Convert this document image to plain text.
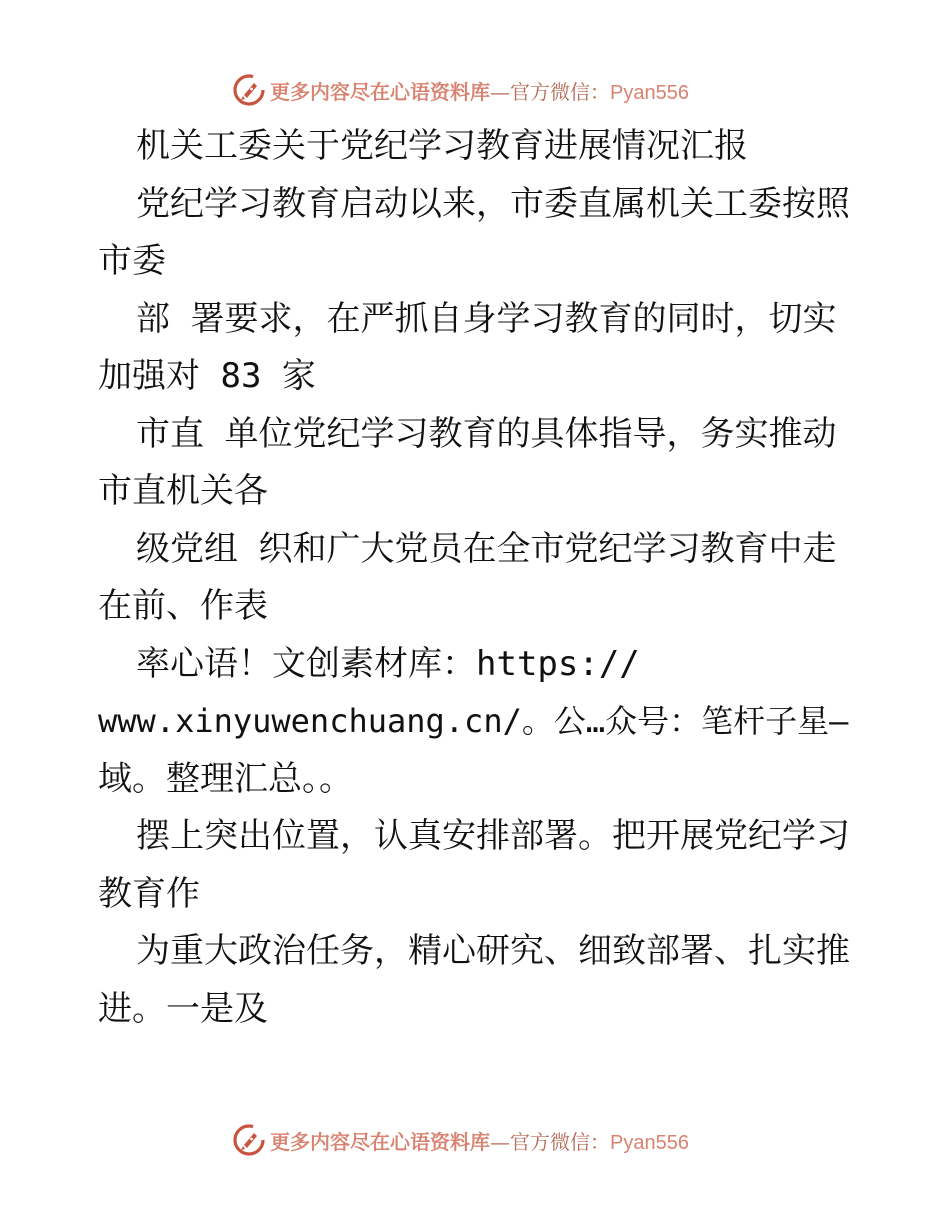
更多内容尽在心语资料库—官方微信：Pyan556
机关工委关于党纪学习教育进展情况汇报
党纪学习教育启动以来，市委直属机关工委按照
市委
部 署要求，在严抓自身学习教育的同时，切实
加强对 83 家
市直 单位党纪学习教育的具体指导，务实推动
市直机关各
级党组 织和广大党员在全市党纪学习教育中走
在前、作表
率心语！文创素材库：https://
www.xinyuwenchuang.cn/。公…众号：笔杆子星—
域。整理汇总。。
摆上突出位置，认真安排部署。把开展党纪学习
教育作
为重大政治任务，精心研究、细致部署、扎实推
进。一是及
更多内容尽在心语资料库—官方微信：Pyan556
